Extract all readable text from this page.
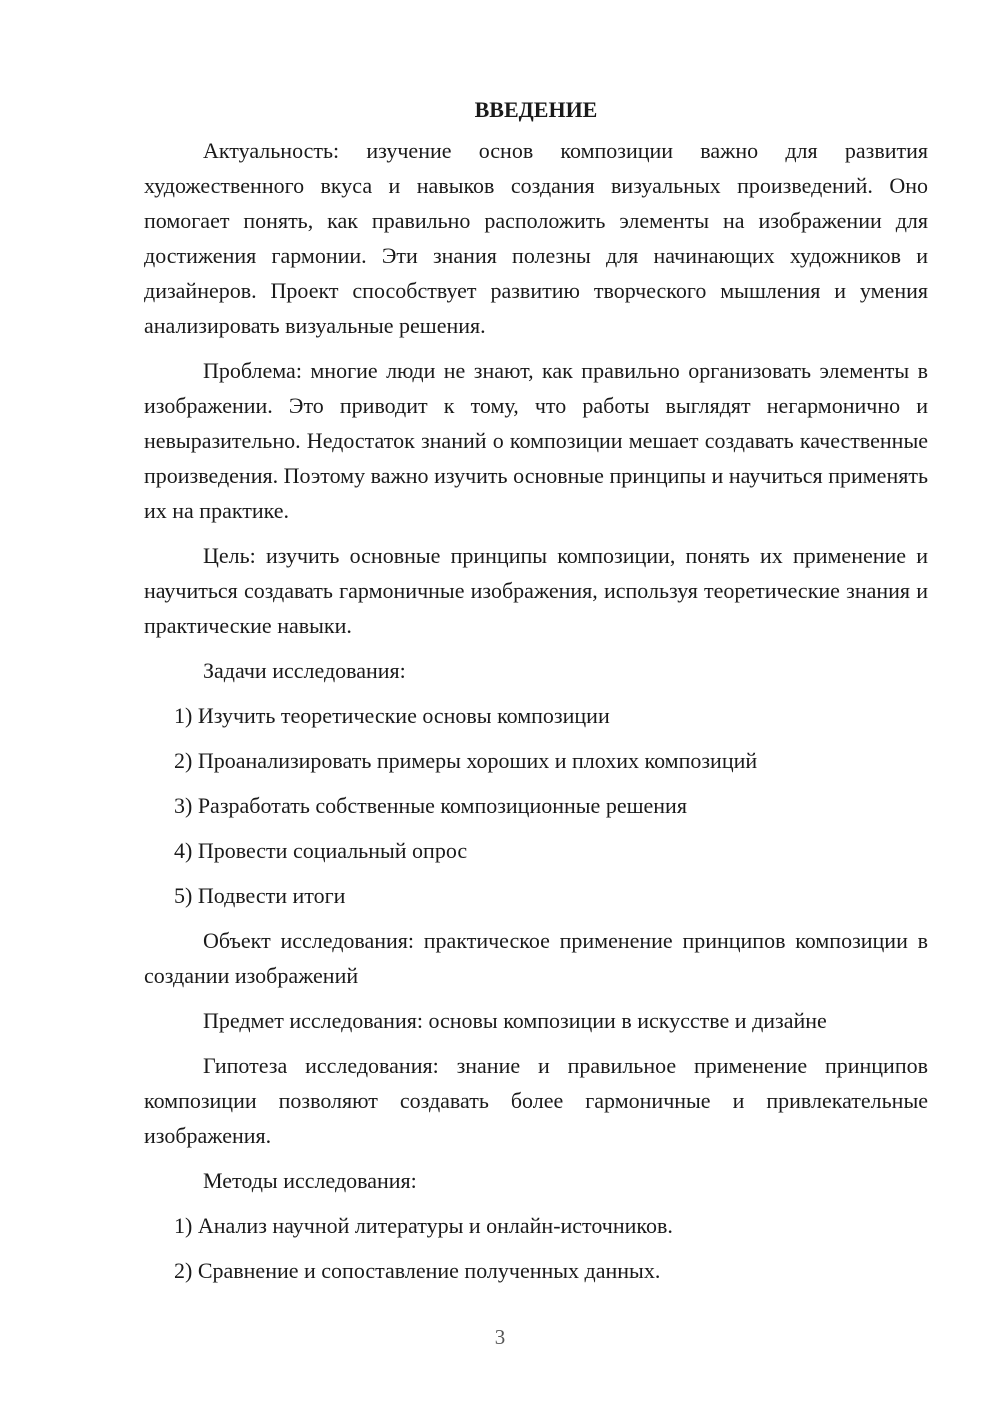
ВВЕДЕНИЕ

Актуальность: изучение основ композиции важно для развития художественного вкуса и навыков создания визуальных произведений. Оно помогает понять, как правильно расположить элементы на изображении для достижения гармонии. Эти знания полезны для начинающих художников и дизайнеров. Проект способствует развитию творческого мышления и умения анализировать визуальные решения.

Проблема: многие люди не знают, как правильно организовать элементы в изображении. Это приводит к тому, что работы выглядят негармонично и невыразительно. Недостаток знаний о композиции мешает создавать качественные произведения. Поэтому важно изучить основные принципы и научиться применять их на практике.

Цель: изучить основные принципы композиции, понять их применение и научиться создавать гармоничные изображения, используя теоретические знания и практические навыки.

Задачи исследования:

1) Изучить теоретические основы композиции
2) Проанализировать примеры хороших и плохих композиций
3) Разработать собственные композиционные решения
4) Провести социальный опрос
5) Подвести итоги

Объект исследования: практическое применение принципов композиции в создании изображений

Предмет исследования: основы композиции в искусстве и дизайне

Гипотеза исследования: знание и правильное применение принципов композиции позволяют создавать более гармоничные и привлекательные изображения.

Методы исследования:

1) Анализ научной литературы и онлайн-источников.
2) Сравнение и сопоставление полученных данных.
3
